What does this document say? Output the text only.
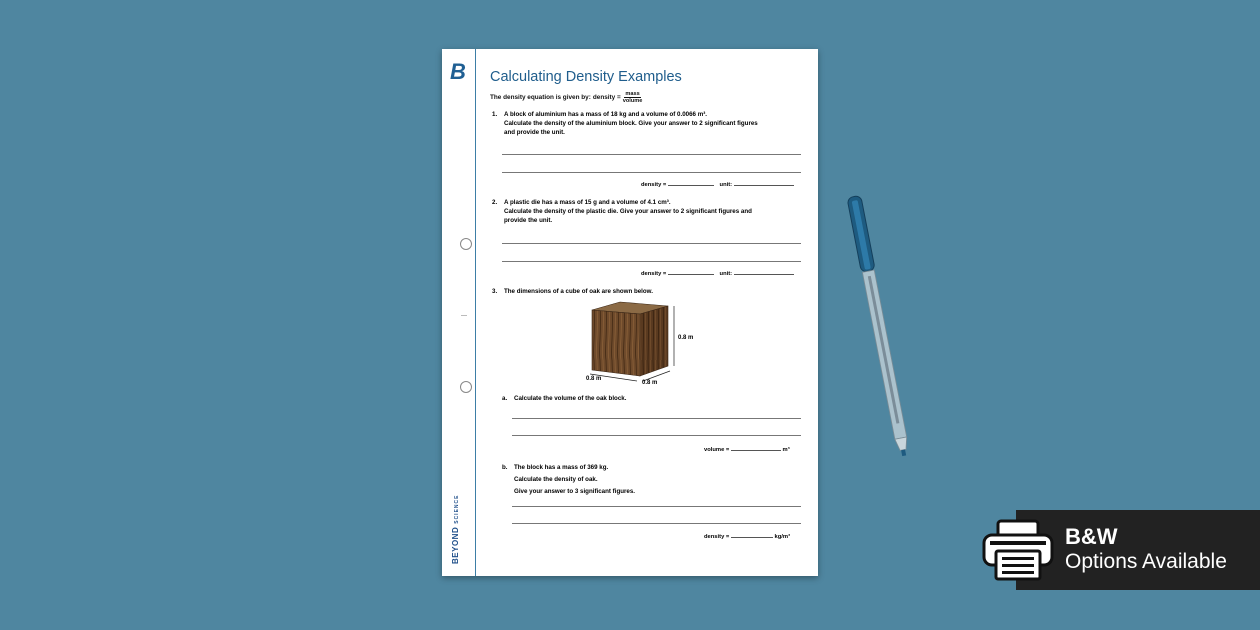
B
BEYONDSCIENCE
Calculating Density Examples
The density equation is given by: density = $\frac{\text{mass}}{\text{volume}}$
1.	A block of aluminium has a mass of 18 kg and a volume of 0.0066 m³.
Calculate the density of the aluminium block. Give your answer to 2 significant figures
and provide the unit.
density =	unit:
2.	A plastic die has a mass of 15 g and a volume of 4.1 cm³.
Calculate the density of the plastic die. Give your answer to 2 significant figures and
provide the unit.
density =	unit:
3.	The dimensions of a cube of oak are shown below.
0.8 m
0.8 m
0.8 m
a.	Calculate the volume of the oak block.
volume =	m³
b.	The block has a mass of 369 kg.
Calculate the density of oak.
Give your answer to 3 significant figures.
density =	kg/m³	B&W
Options Available
